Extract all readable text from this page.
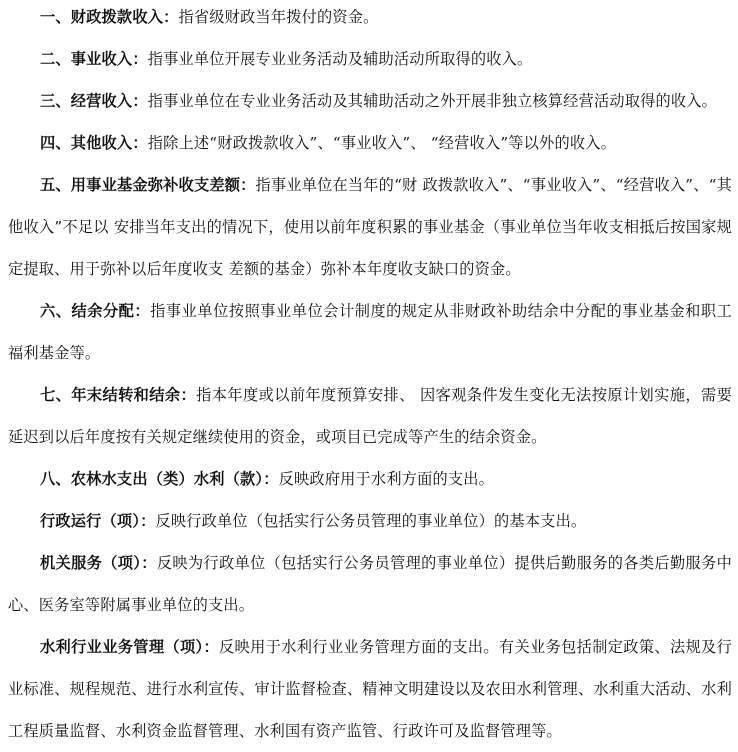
一、财政拨款收入：指省级财政当年拨付的资金。

二、事业收入：指事业单位开展专业业务活动及辅助活动所取得的收入。

三、经营收入：指事业单位在专业业务活动及其辅助活动之外开展非独立核算经营活动取得的收入。

四、其他收入：指除上述“财政拨款收入”、“事业收入”、 “经营收入”等以外的收入。

五、用事业基金弥补收支差额：指事业单位在当年的“财 政拨款收入”、“事业收入”、“经营收入”、“其他收入”不足以 安排当年支出的情况下，使用以前年度积累的事业基金（事业单位当年收支相抵后按国家规定提取、用于弥补以后年度收支 差额的基金）弥补本年度收支缺口的资金。

六、结余分配：指事业单位按照事业单位会计制度的规定从非财政补助结余中分配的事业基金和职工福利基金等。

七、年末结转和结余：指本年度或以前年度预算安排、 因客观条件发生变化无法按原计划实施，需要延迟到以后年度按有关规定继续使用的资金，或项目已完成等产生的结余资金。

八、农林水支出（类）水利（款）：反映政府用于水利方面的支出。

行政运行（项）：反映行政单位（包括实行公务员管理的事业单位）的基本支出。

机关服务（项）：反映为行政单位（包括实行公务员管理的事业单位）提供后勤服务的各类后勤服务中心、医务室等附属事业单位的支出。

水利行业业务管理（项）：反映用于水利行业业务管理方面的支出。有关业务包括制定政策、法规及行业标准、规程规范、进行水利宣传、审计监督检查、精神文明建设以及农田水利管理、水利重大活动、水利工程质量监督、水利资金监督管理、水利国有资产监管、行政许可及监督管理等。
